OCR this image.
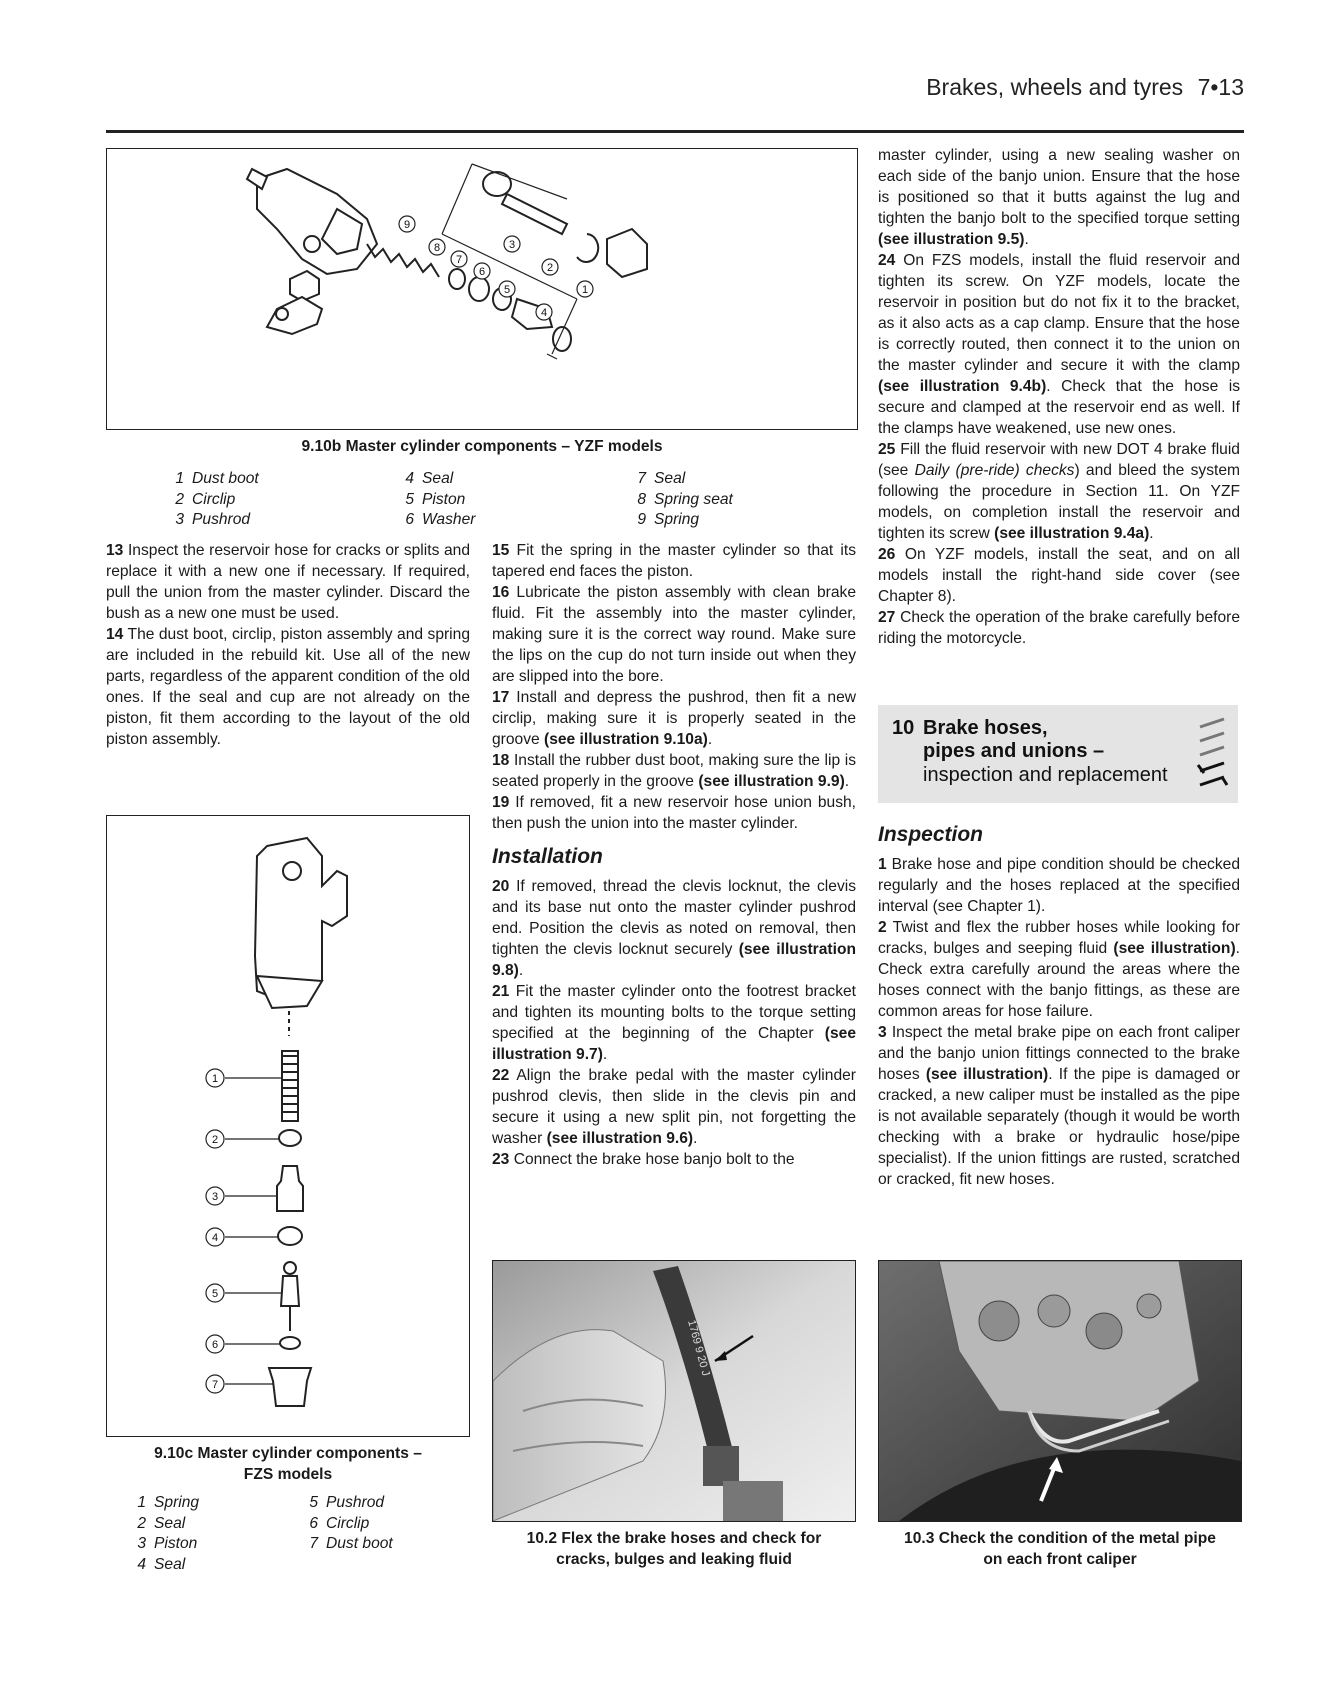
Brakes, wheels and tyres 7•13
9
8
7
6
3
5
4
2
1
9.10b Master cylinder components – YZF models
1 Dust boot
2 Circlip
3 Pushrod
4 Seal
5 Piston
6 Washer
7 Seal
8 Spring seat
9 Spring

13 Inspect the reservoir hose for cracks or splits and replace it with a new one if necessary. If required, pull the union from the master cylinder. Discard the bush as a new one must be used.

14 The dust boot, circlip, piston assembly and spring are included in the rebuild kit. Use all of the new parts, regardless of the apparent condition of the old ones. If the seal and cup are not already on the piston, fit them according to the layout of the old piston assembly.

1
2
3
4
5
6
7
9.10c Master cylinder components –
FZS models
1 Spring
2 Seal
3 Piston
4 Seal
5 Pushrod
6 Circlip
7 Dust boot

15 Fit the spring in the master cylinder so that its tapered end faces the piston.

16 Lubricate the piston assembly with clean brake fluid. Fit the assembly into the master cylinder, making sure it is the correct way round. Make sure the lips on the cup do not turn inside out when they are slipped into the bore.

17 Install and depress the pushrod, then fit a new circlip, making sure it is properly seated in the groove (see illustration 9.10a).

18 Install the rubber dust boot, making sure the lip is seated properly in the groove (see illustration 9.9).

19 If removed, fit a new reservoir hose union bush, then push the union into the master cylinder.

Installation

20 If removed, thread the clevis locknut, the clevis and its base nut onto the master cylinder pushrod end. Position the clevis as noted on removal, then tighten the clevis locknut securely (see illustration 9.8).

21 Fit the master cylinder onto the footrest bracket and tighten its mounting bolts to the torque setting specified at the beginning of the Chapter (see illustration 9.7).

22 Align the brake pedal with the master cylinder pushrod clevis, then slide in the clevis pin and secure it using a new split pin, not forgetting the washer (see illustration 9.6).

23 Connect the brake hose banjo bolt to the

1769 9 20 J
10.2 Flex the brake hoses and check for
cracks, bulges and leaking fluid

master cylinder, using a new sealing washer on each side of the banjo union. Ensure that the hose is positioned so that it butts against the lug and tighten the banjo bolt to the specified torque setting (see illustration 9.5).

24 On FZS models, install the fluid reservoir and tighten its screw. On YZF models, locate the reservoir in position but do not fix it to the bracket, as it also acts as a cap clamp. Ensure that the hose is correctly routed, then connect it to the union on the master cylinder and secure it with the clamp (see illustration 9.4b). Check that the hose is secure and clamped at the reservoir end as well. If the clamps have weakened, use new ones.

25 Fill the fluid reservoir with new DOT 4 brake fluid (see Daily (pre-ride) checks) and bleed the system following the procedure in Section 11. On YZF models, on completion install the reservoir and tighten its screw (see illustration 9.4a).

26 On YZF models, install the seat, and on all models install the right-hand side cover (see Chapter 8).

27 Check the operation of the brake carefully before riding the motorcycle.

10 Brake hoses,
pipes and unions –
inspection and replacement
Inspection

1 Brake hose and pipe condition should be checked regularly and the hoses replaced at the specified interval (see Chapter 1).

2 Twist and flex the rubber hoses while looking for cracks, bulges and seeping fluid (see illustration). Check extra carefully around the areas where the hoses connect with the banjo fittings, as these are common areas for hose failure.

3 Inspect the metal brake pipe on each front caliper and the banjo union fittings connected to the brake hoses (see illustration). If the pipe is damaged or cracked, a new caliper must be installed as the pipe is not available separately (though it would be worth checking with a brake or hydraulic hose/pipe specialist). If the union fittings are rusted, scratched or cracked, fit new hoses.

10.3 Check the condition of the metal pipe
on each front caliper
